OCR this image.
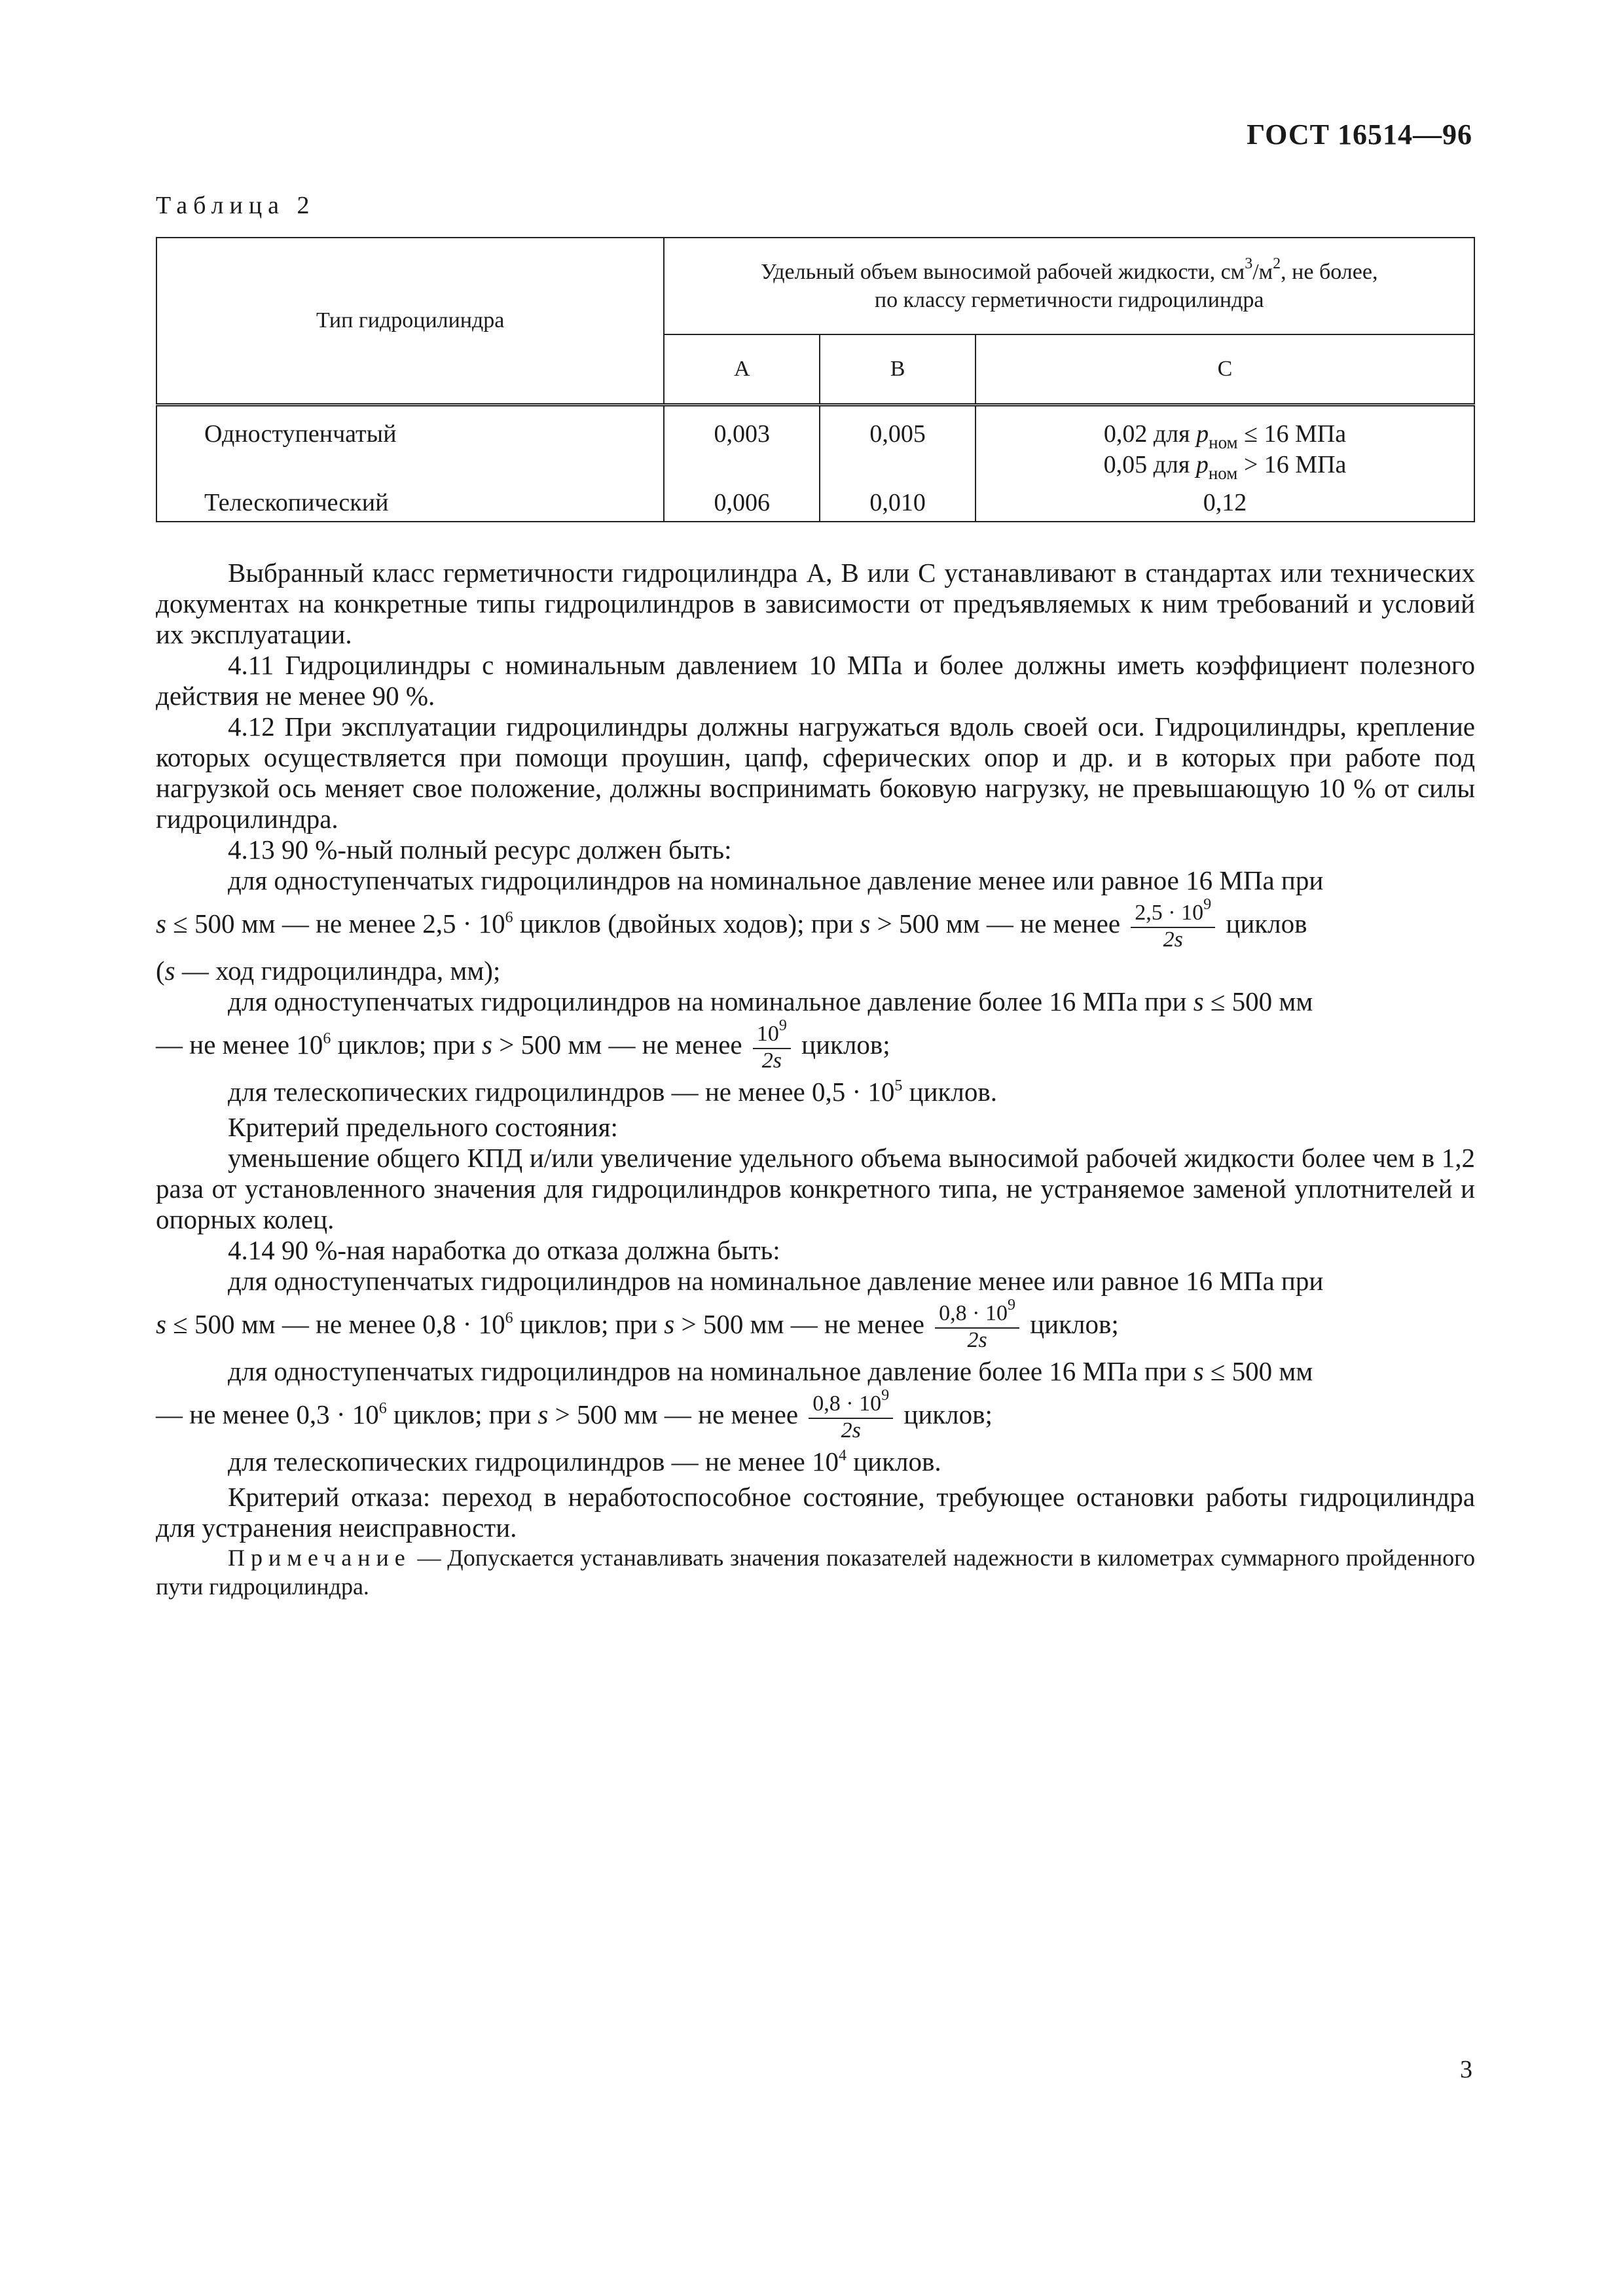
ГОСТ 16514—96
Таблица 2
Тип гидроцилиндра	Удельный объем выносимой рабочей жидкости, $см^3/м^2$, не более,
по классу герметичности гидроцилиндра		
	A	B	C
Одноступенчатый	0,003	0,005	0,02 для $p_{ном} \le 16$ МПа
0,05 для $p_{ном} > 16$ МПа

Телескопический	0,006	0,010	0,12

Выбранный класс герметичности гидроцилиндра А, В или С устанавливают в стандартах или технических документах на конкретные типы гидроцилиндров в зависимости от предъявляемых к ним требований и условий их эксплуатации.

4.11 Гидроцилиндры с номинальным давлением 10 МПа и более должны иметь коэффициент полезного действия не менее 90 %.

4.12 При эксплуатации гидроцилиндры должны нагружаться вдоль своей оси. Гидроцилиндры, крепление которых осуществляется при помощи проушин, цапф, сферических опор и др. и в которых при работе под нагрузкой ось меняет свое положение, должны воспринимать боковую нагрузку, не превышающую 10 % от силы гидроцилиндра.

4.13 90 %-ный полный ресурс должен быть:

для одноступенчатых гидроцилиндров на номинальное давление менее или равное 16 МПа при

s ≤ 500 мм — не менее $2,5 \cdot 10^6$ циклов (двойных ходов); при s > 500 мм — не менее $\frac{2,5 \cdot 10^9}{2s}$ циклов

(s — ход гидроцилиндра, мм);

для одноступенчатых гидроцилиндров на номинальное давление более 16 МПа при s ≤ 500 мм

— не менее $10^6$ циклов; при s > 500 мм — не менее $\frac{10^9}{2s}$ циклов;

для телескопических гидроцилиндров — не менее $0,5 \cdot 10^5$ циклов.

Критерий предельного состояния:

уменьшение общего КПД и/или увеличение удельного объема выносимой рабочей жидкости более чем в 1,2 раза от установленного значения для гидроцилиндров конкретного типа, не устраняемое заменой уплотнителей и опорных колец.

4.14 90 %-ная наработка до отказа должна быть:

для одноступенчатых гидроцилиндров на номинальное давление менее или равное 16 МПа при

s ≤ 500 мм — не менее $0,8 \cdot 10^6$ циклов; при s > 500 мм — не менее $\frac{0,8 \cdot 10^9}{2s}$ циклов;

для одноступенчатых гидроцилиндров на номинальное давление более 16 МПа при s ≤ 500 мм

— не менее $0,3 \cdot 10^6$ циклов; при s > 500 мм — не менее $\frac{0,8 \cdot 10^9}{2s}$ циклов;

для телескопических гидроцилиндров — не менее $10^4$ циклов.

Критерий отказа: переход в неработоспособное состояние, требующее остановки работы гидроцилиндра для устранения неисправности.

Примечание — Допускается устанавливать значения показателей надежности в километрах суммарного пройденного пути гидроцилиндра.

3
